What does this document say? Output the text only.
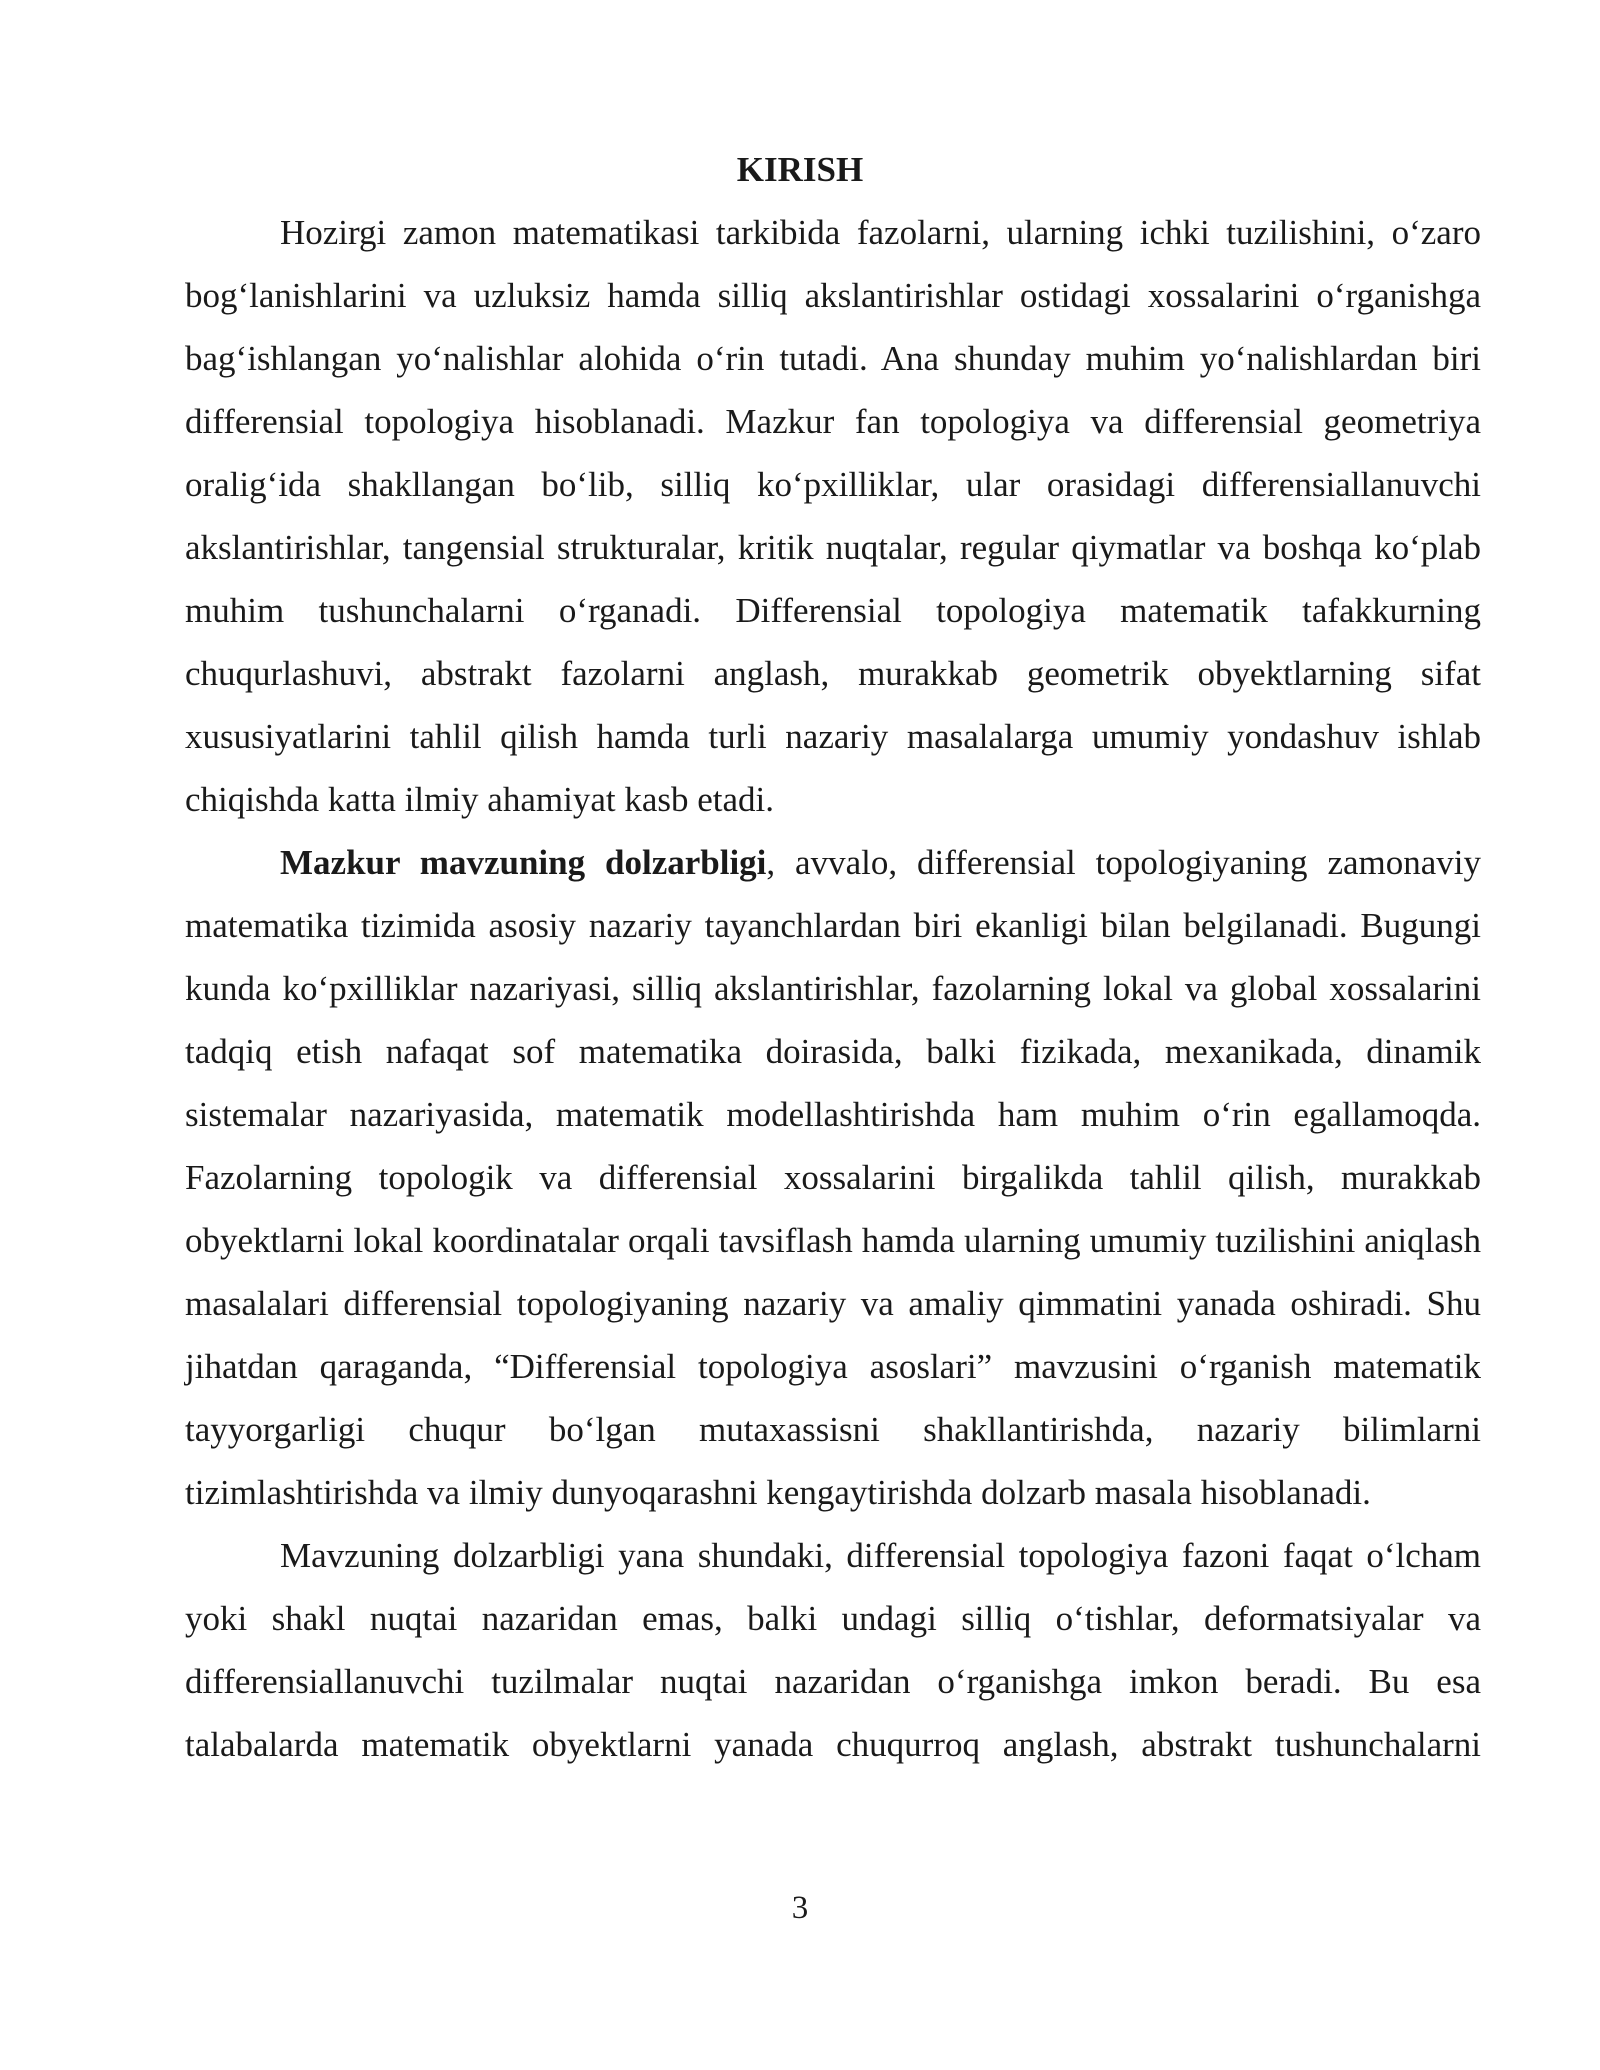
KIRISH

Hozirgi zamon matematikasi tarkibida fazolarni, ularning ichki tuzilishini, o‘zaro bog‘lanishlarini va uzluksiz hamda silliq akslantirishlar ostidagi xossalarini o‘rganishga bag‘ishlangan yo‘nalishlar alohida o‘rin tutadi. Ana shunday muhim yo‘nalishlardan biri differensial topologiya hisoblanadi. Mazkur fan topologiya va differensial geometriya oralig‘ida shakllangan bo‘lib, silliq ko‘pxilliklar, ular orasidagi differensiallanuvchi akslantirishlar, tangensial strukturalar, kritik nuqtalar, regular qiymatlar va boshqa ko‘plab muhim tushunchalarni o‘rganadi. Differensial topologiya matematik tafakkurning chuqurlashuvi, abstrakt fazolarni anglash, murakkab geometrik obyektlarning sifat xususiyatlarini tahlil qilish hamda turli nazariy masalalarga umumiy yondashuv ishlab chiqishda katta ilmiy ahamiyat kasb etadi.

Mazkur mavzuning dolzarbligi, avvalo, differensial topologiyaning zamonaviy matematika tizimida asosiy nazariy tayanchlardan biri ekanligi bilan belgilanadi. Bugungi kunda ko‘pxilliklar nazariyasi, silliq akslantirishlar, fazolarning lokal va global xossalarini tadqiq etish nafaqat sof matematika doirasida, balki fizikada, mexanikada, dinamik sistemalar nazariyasida, matematik modellashtirishda ham muhim o‘rin egallamoqda. Fazolarning topologik va differensial xossalarini birgalikda tahlil qilish, murakkab obyektlarni lokal koordinatalar orqali tavsiflash hamda ularning umumiy tuzilishini aniqlash masalalari differensial topologiyaning nazariy va amaliy qimmatini yanada oshiradi. Shu jihatdan qaraganda, “Differensial topologiya asoslari” mavzusini o‘rganish matematik tayyorgarligi chuqur bo‘lgan mutaxassisni shakllantirishda, nazariy bilimlarni tizimlashtirishda va ilmiy dunyoqarashni kengaytirishda dolzarb masala hisoblanadi.

Mavzuning dolzarbligi yana shundaki, differensial topologiya fazoni faqat o‘lcham yoki shakl nuqtai nazaridan emas, balki undagi silliq o‘tishlar, deformatsiyalar va differensiallanuvchi tuzilmalar nuqtai nazaridan o‘rganishga imkon beradi. Bu esa talabalarda matematik obyektlarni yanada chuqurroq anglash, abstrakt tushunchalarni

3
